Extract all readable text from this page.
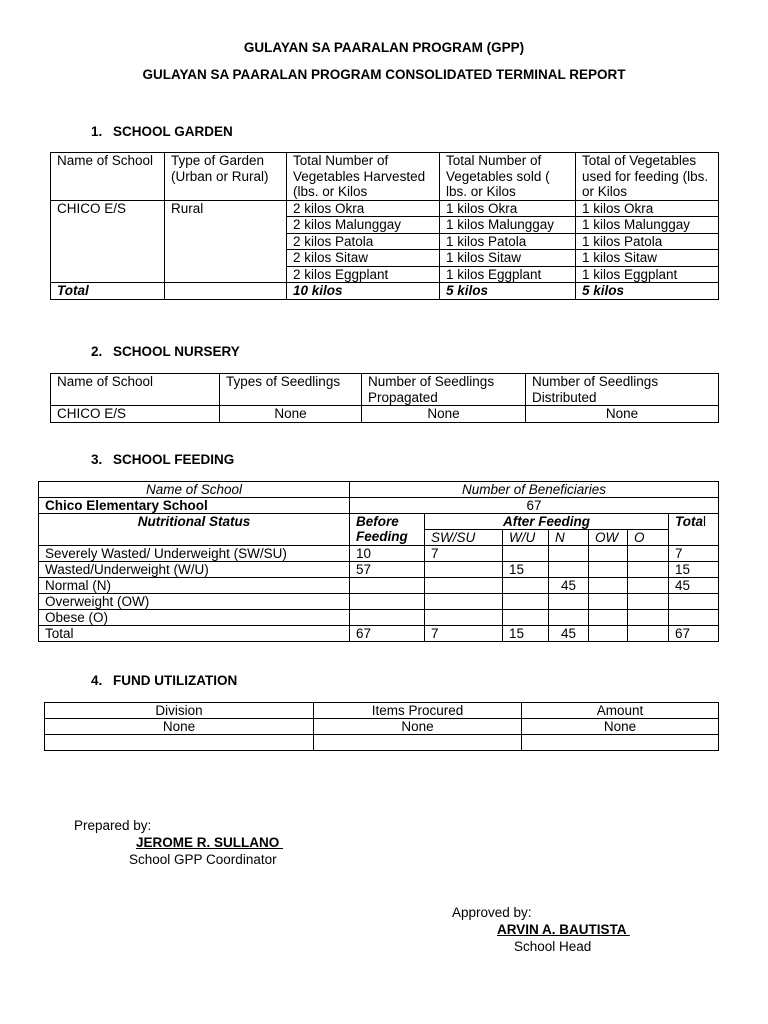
GULAYAN SA PAARALAN PROGRAM (GPP)
GULAYAN SA PAARALAN PROGRAM CONSOLIDATED TERMINAL REPORT
1. SCHOOL GARDEN
Name of School	Type of Garden (Urban or Rural)	Total Number of Vegetables Harvested (lbs. or Kilos	Total Number of Vegetables sold ( lbs. or Kilos	Total of Vegetables used for feeding (lbs. or Kilos
CHICO E/S	Rural	2 kilos Okra	1 kilos Okra	1 kilos Okra
		2 kilos Malunggay	1 kilos Malunggay	1 kilos Malunggay
		2 kilos Patola	1 kilos Patola	1 kilos Patola
		2 kilos Sitaw	1 kilos Sitaw	1 kilos Sitaw
		2 kilos Eggplant	1 kilos Eggplant	1 kilos Eggplant
Total		10 kilos	5 kilos	5 kilos
2. SCHOOL NURSERY
Name of School	Types of Seedlings	Number of Seedlings Propagated	Number of Seedlings Distributed
CHICO E/S	None	None	None
3. SCHOOL FEEDING
Name of School	Number of Beneficiaries						
Chico Elementary School	67						
Nutritional Status	Before Feeding	After Feeding					Total
		SW/SU	W/U	N	OW	O	
Severely Wasted/ Underweight (SW/SU)	10	7					7
Wasted/Underweight (W/U)	57		15				15
Normal (N)				45			45
Overweight (OW)							
Obese (O)							
Total	67	7	15	45			67
4. FUND UTILIZATION
Division	Items Procured	Amount
None	None	None

Prepared by:
JEROME R. SULLANO
School GPP Coordinator
Approved by:
ARVIN A. BAUTISTA
School Head
